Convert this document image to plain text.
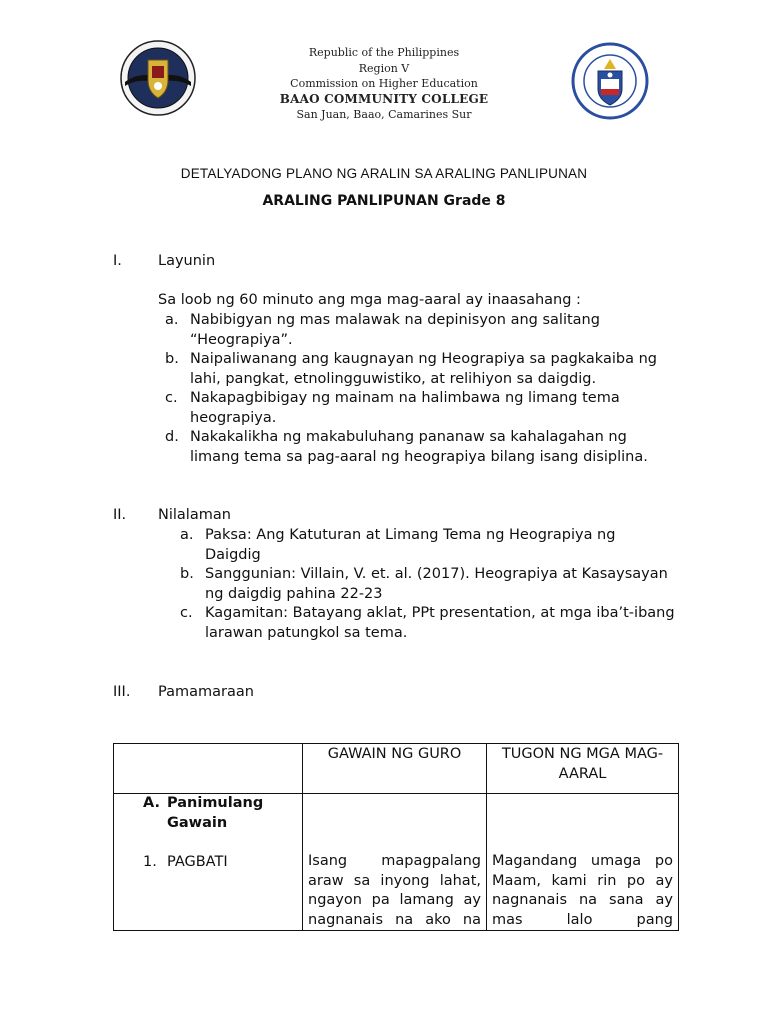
Republic of the Philippines
Region V
Commission on Higher Education
BAAO COMMUNITY COLLEGE
San Juan, Baao, Camarines Sur
DETALYADONG PLANO NG ARALIN SA ARALING PANLIPUNAN
ARALING PANLIPUNAN Grade 8
I. Layunin
Sa loob ng 60 minuto ang mga mag-aaral ay inaasahang :
a. Nabibigyan ng mas malawak na depinisyon ang salitang “Heograpiya”.
b. Naipaliwanang ang kaugnayan ng Heograpiya sa pagkakaiba ng lahi, pangkat, etnolingguwistiko, at relihiyon sa daigdig.
c. Nakapagbibigay ng mainam na halimbawa ng limang tema heograpiya.
d. Nakakalikha ng makabuluhang pananaw sa kahalagahan ng limang tema sa pag-aaral ng heograpiya bilang isang disiplina.
II. Nilalaman
a. Paksa: Ang Katuturan at Limang Tema ng Heograpiya ng Daigdig
b. Sanggunian: Villain, V. et. al. (2017). Heograpiya at Kasaysayan ng daigdig pahina 22-23
c. Kagamitan: Batayang aklat, PPt presentation, at mga iba’t-ibang larawan patungkol sa tema.
III. Pamamaraan
	GAWAIN NG GURO	TUGON NG MGA MAG-AARAL

A. Panimulang Gawain
1. PAGBATI	Isang mapagpalang araw sa inyong lahat, ngayon pa lamang ay nagnanais na ako na	Magandang umaga po Maam, kami rin po ay nagnanais na sana ay mas lalo pang
